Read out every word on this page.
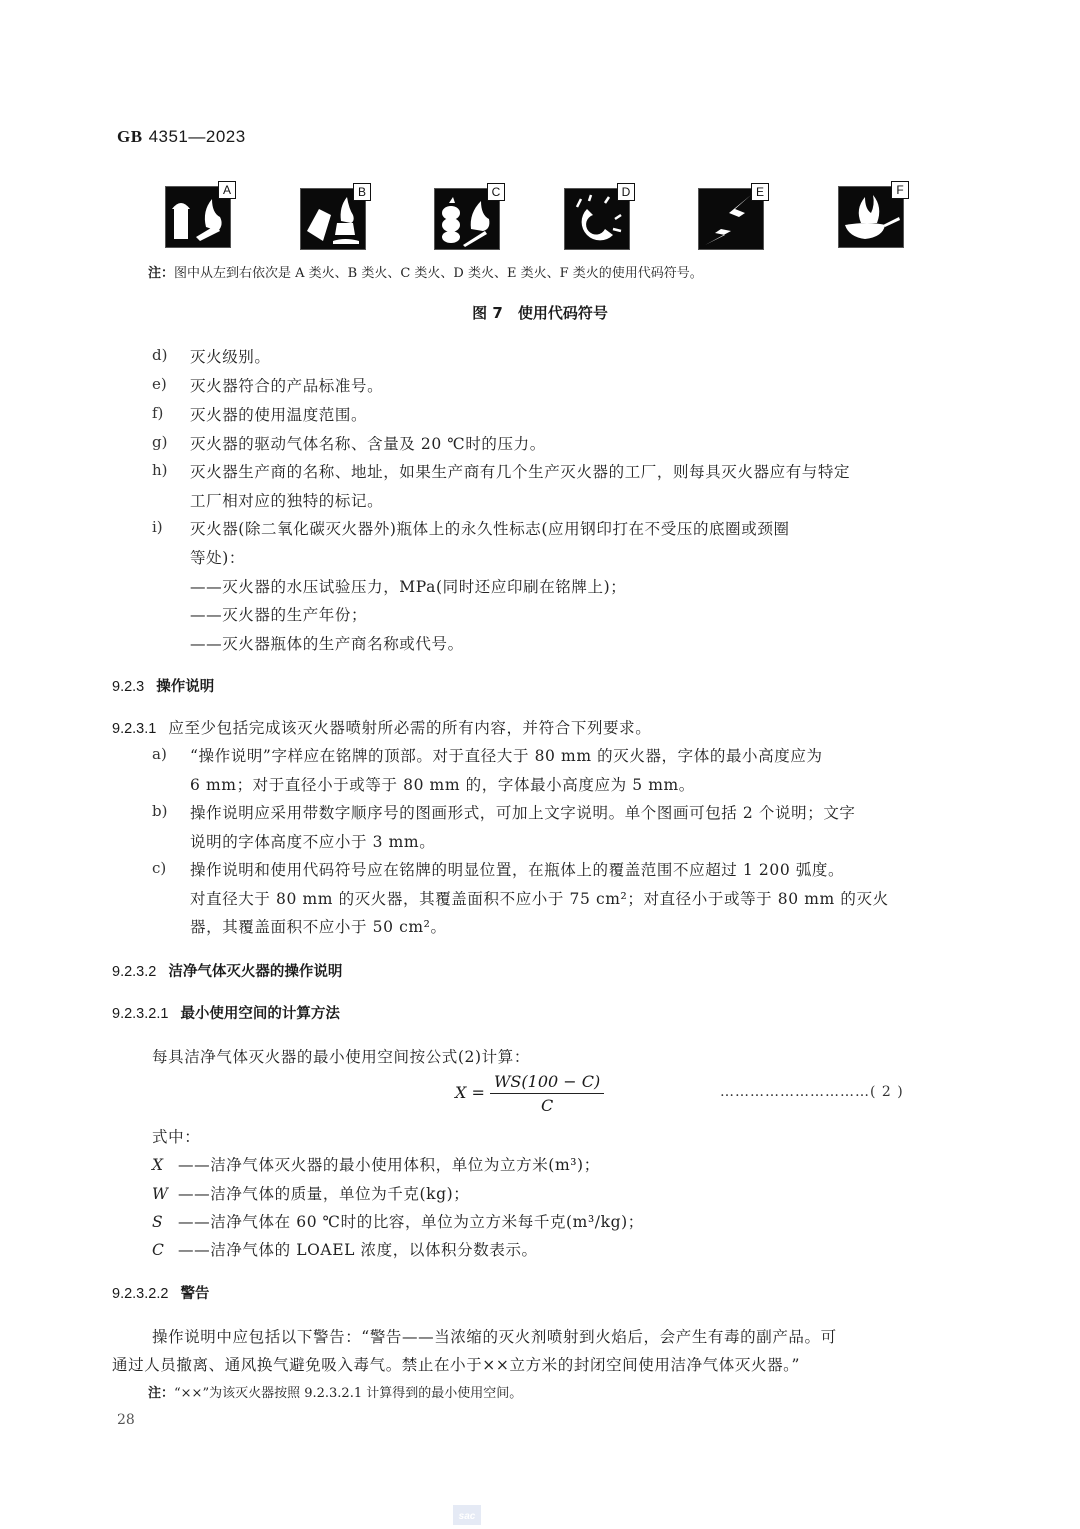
GB 4351—2023
A	B	C	D	E	F
注：图中从左到右依次是 A 类火、B 类火、C 类火、D 类火、E 类火、F 类火的使用代码符号。
图 7　使用代码符号
d) 灭火级别。
e) 灭火器符合的产品标准号。
f) 灭火器的使用温度范围。
g) 灭火器的驱动气体名称、含量及 20 ℃时的压力。
h) 灭火器生产商的名称、地址，如果生产商有几个生产灭火器的工厂，则每具灭火器应有与特定
工厂相对应的独特的标记。
i) 灭火器(除二氧化碳灭火器外)瓶体上的永久性标志(应用钢印打在不受压的底圈或颈圈
等处)：
——灭火器的水压试验压力，MPa(同时还应印刷在铭牌上)；
——灭火器的生产年份；
——灭火器瓶体的生产商名称或代号。
9.2.3 操作说明
9.2.3.1 应至少包括完成该灭火器喷射所必需的所有内容，并符合下列要求。
a) “操作说明”字样应在铭牌的顶部。对于直径大于 80 mm 的灭火器，字体的最小高度应为
6 mm；对于直径小于或等于 80 mm 的，字体最小高度应为 5 mm。
b) 操作说明应采用带数字顺序号的图画形式，可加上文字说明。单个图画可包括 2 个说明；文字
说明的字体高度不应小于 3 mm。
c) 操作说明和使用代码符号应在铭牌的明显位置，在瓶体上的覆盖范围不应超过 1 200 弧度。
对直径大于 80 mm 的灭火器，其覆盖面积不应小于 75 cm²；对直径小于或等于 80 mm 的灭火
器，其覆盖面积不应小于 50 cm²。
9.2.3.2 洁净气体灭火器的操作说明
9.2.3.2.1 最小使用空间的计算方法
每具洁净气体灭火器的最小使用空间按公式(2)计算：
$X = \frac{WS(100 - C)}{C}$	…………………………( 2 )
式中：
X ——洁净气体灭火器的最小使用体积，单位为立方米(m³)；
W ——洁净气体的质量，单位为千克(kg)；
S ——洁净气体在 60 ℃时的比容，单位为立方米每千克(m³/kg)；
C ——洁净气体的 LOAEL 浓度，以体积分数表示。
9.2.3.2.2 警告
操作说明中应包括以下警告：“警告——当浓缩的灭火剂喷射到火焰后，会产生有毒的副产品。可
通过人员撤离、通风换气避免吸入毒气。禁止在小于××立方米的封闭空间使用洁净气体灭火器。”
注：“××”为该灭火器按照 9.2.3.2.1 计算得到的最小使用空间。
28
sac
